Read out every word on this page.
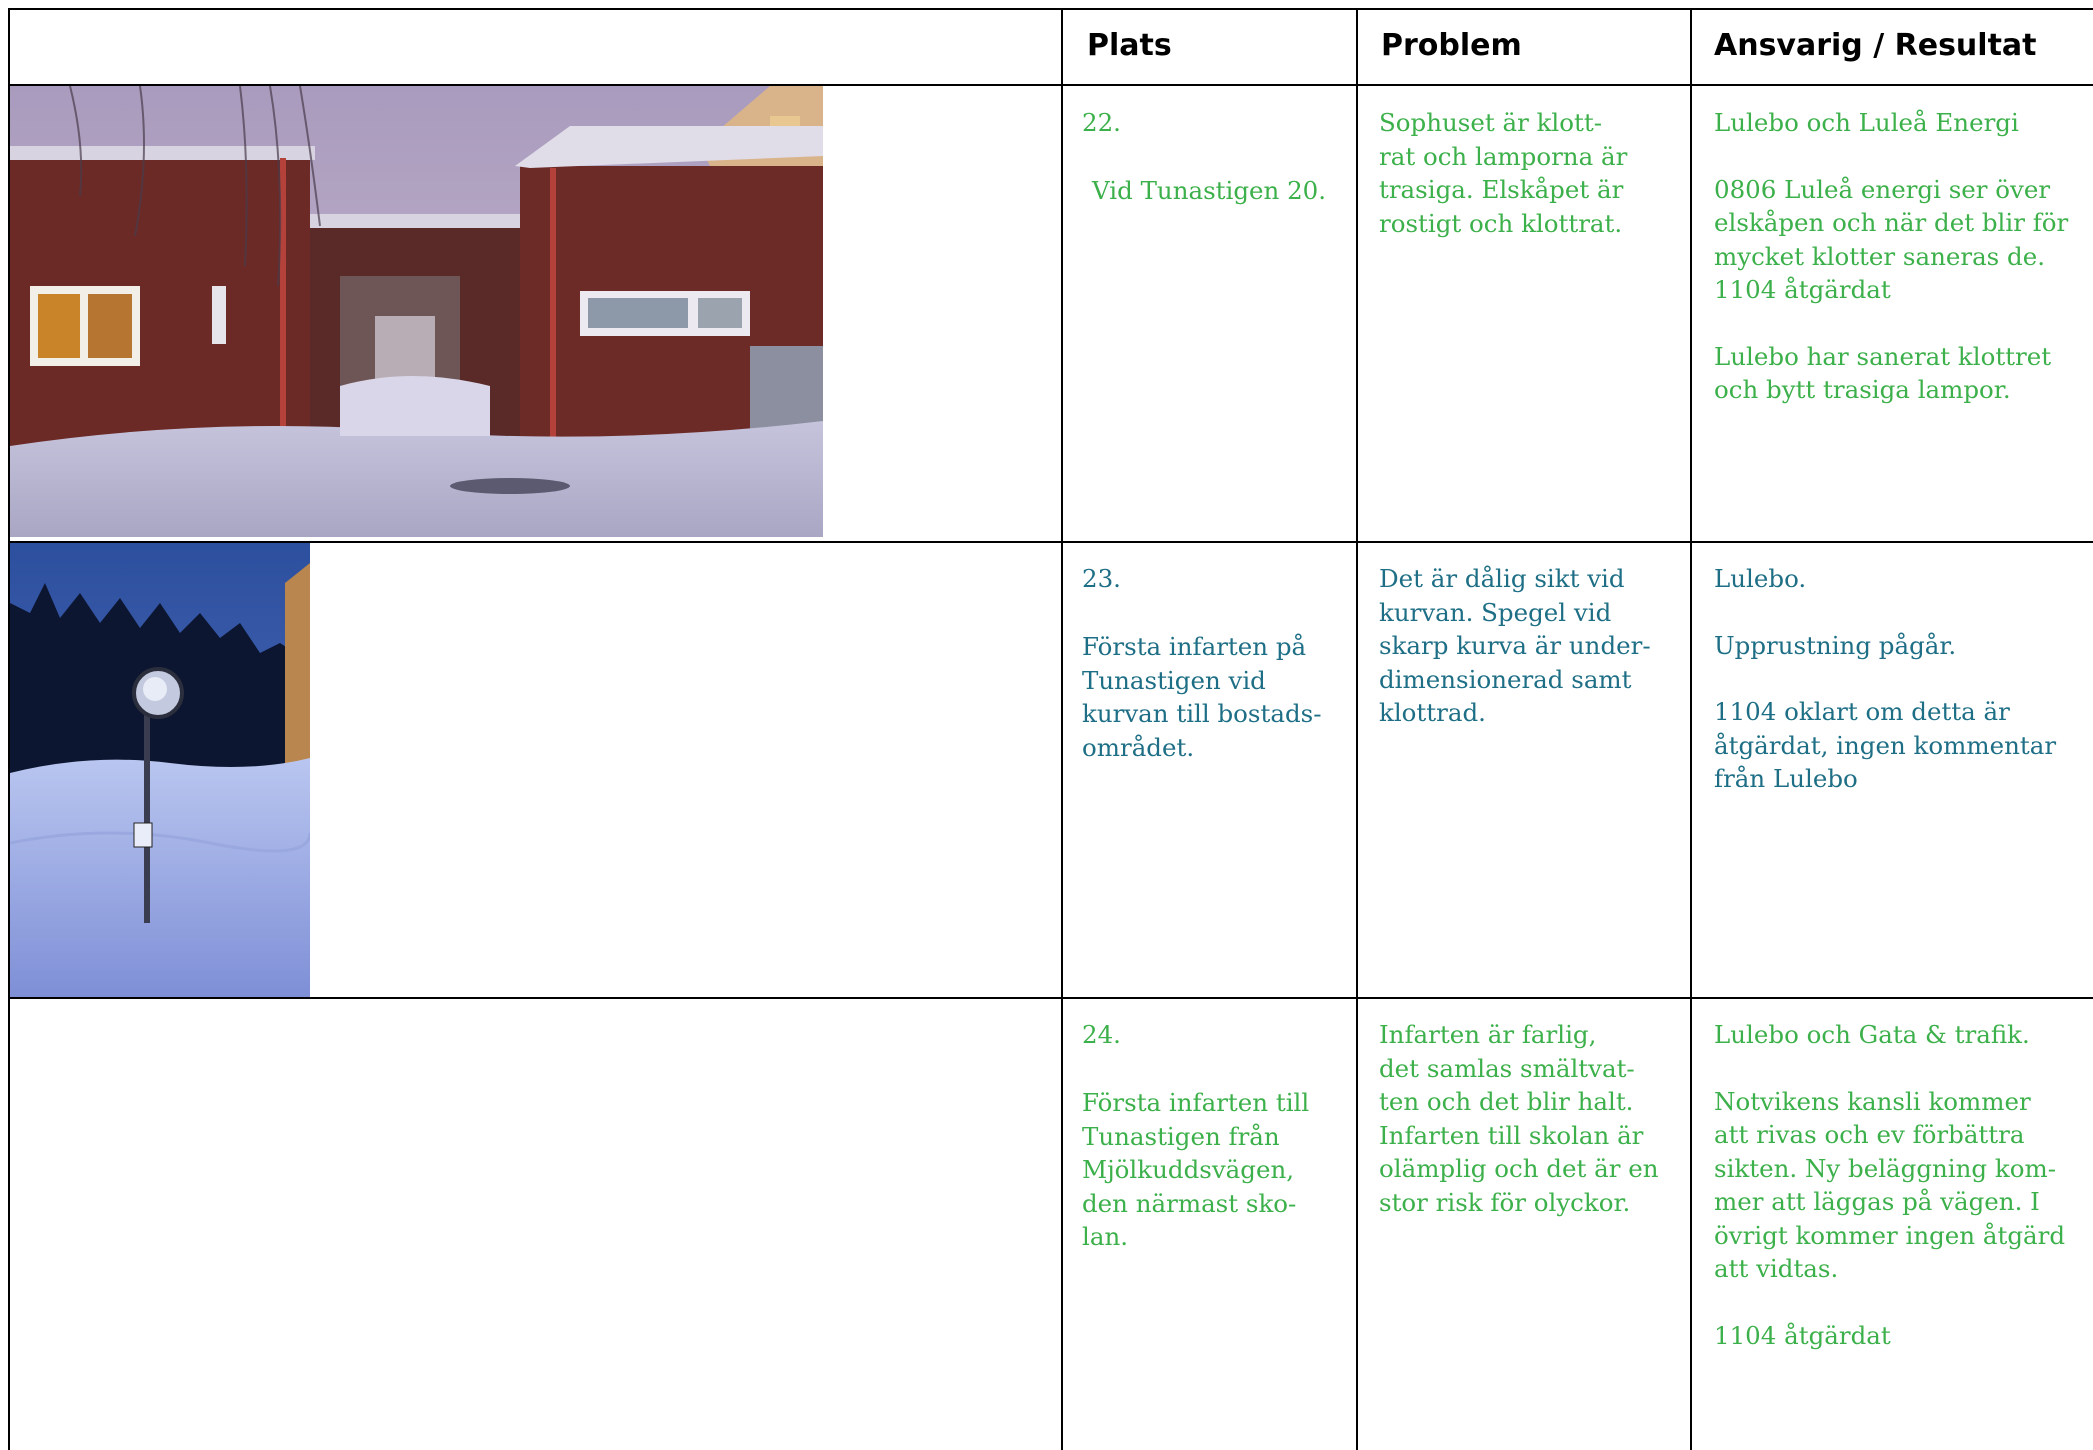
Plats	Problem	Ansvarig / Resultat
22.
Vid Tunastigen 20.

Sophuset är klott-

rat och lamporna är

trasiga. Elskåpet är

rostigt och klottrat.

Lulebo och Luleå Energi

0806 Luleå energi ser över

elskåpen och när det blir för

mycket klotter saneras de.

1104 åtgärdat

Lulebo har sanerat klottret

och bytt trasiga lampor.

23.

Första infarten på

Tunastigen vid

kurvan till bostads-

området.

Det är dålig sikt vid

kurvan. Spegel vid

skarp kurva är under-

dimensionerad samt

klottrad.

Lulebo.

Upprustning pågår.

1104 oklart om detta är

åtgärdat, ingen kommentar

från Lulebo

24.

Första infarten till

Tunastigen från

Mjölkuddsvägen,

den närmast sko-

lan.

Infarten är farlig,

det samlas smältvat-

ten och det blir halt.

Infarten till skolan är

olämplig och det är en

stor risk för olyckor.

Lulebo och Gata & trafik.

Notvikens kansli kommer

att rivas och ev förbättra

sikten. Ny beläggning kom-

mer att läggas på vägen. I

övrigt kommer ingen åtgärd

att vidtas.

1104 åtgärdat
